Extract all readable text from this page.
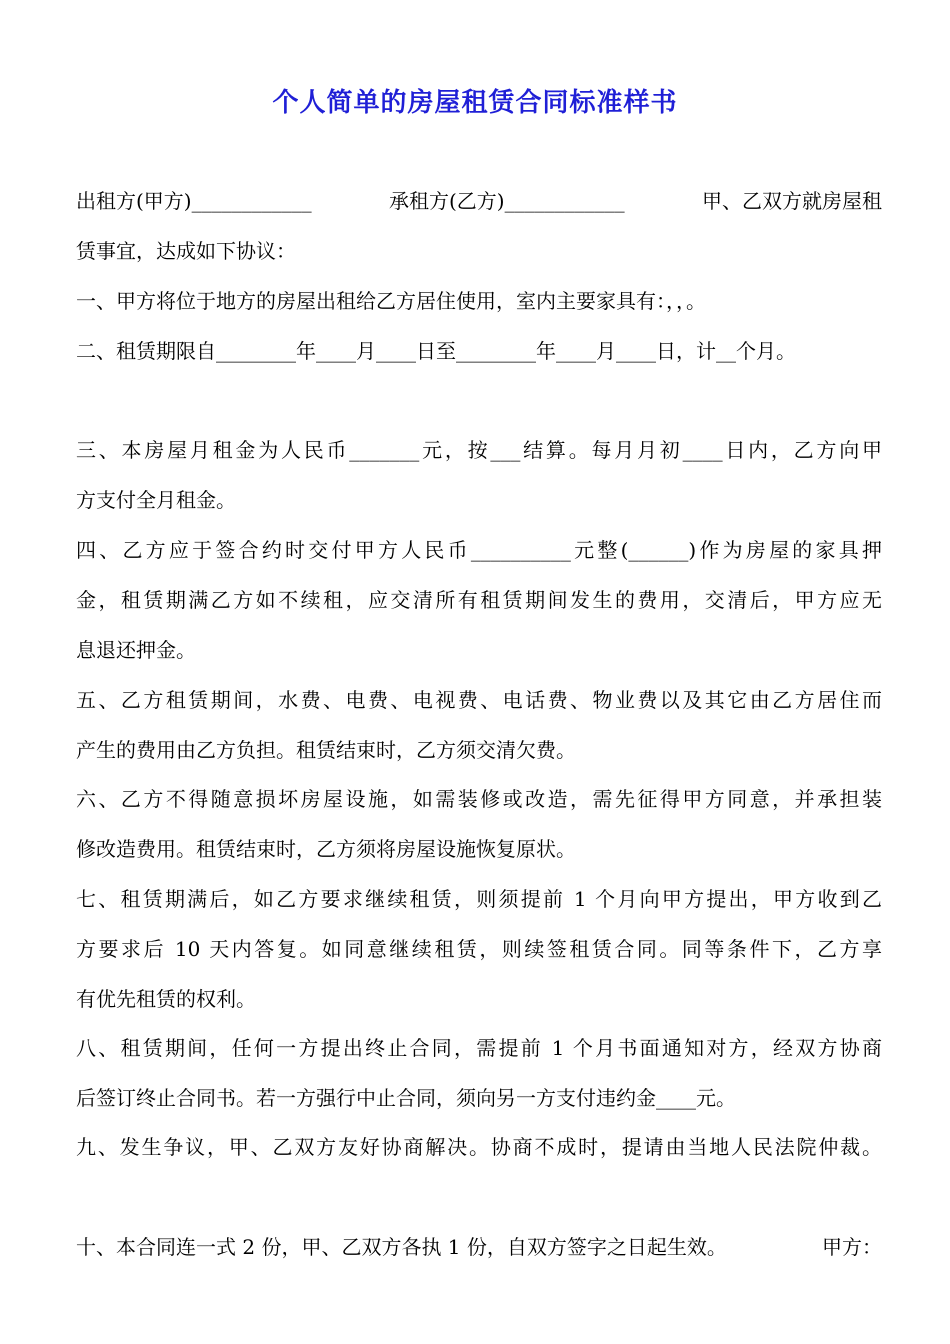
个人简单的房屋租赁合同标准样书
出租方(甲方)____________	承租方(乙方)____________	甲、乙双方就房屋租
赁事宜，达成如下协议：
一、甲方将位于地方的房屋出租给乙方居住使用，室内主要家具有：，，。
二、租赁期限自________年____月____日至________年____月____日，计__个月。
三、本房屋月租金为人民币_______元，按___结算。每月月初____日内，乙方向甲
方支付全月租金。
四、乙方应于签合约时交付甲方人民币__________元整(______)作为房屋的家具押
金，租赁期满乙方如不续租，应交清所有租赁期间发生的费用，交清后，甲方应无
息退还押金。
五、乙方租赁期间，水费、电费、电视费、电话费、物业费以及其它由乙方居住而
产生的费用由乙方负担。租赁结束时，乙方须交清欠费。
六、乙方不得随意损坏房屋设施，如需装修或改造，需先征得甲方同意，并承担装
修改造费用。租赁结束时，乙方须将房屋设施恢复原状。
七、租赁期满后，如乙方要求继续租赁，则须提前 1 个月向甲方提出，甲方收到乙
方要求后 10 天内答复。如同意继续租赁，则续签租赁合同。同等条件下，乙方享
有优先租赁的权利。
八、租赁期间，任何一方提出终止合同，需提前 1 个月书面通知对方，经双方协商
后签订终止合同书。若一方强行中止合同，须向另一方支付违约金____元。
九、发生争议，甲、乙双方友好协商解决。协商不成时，提请由当地人民法院仲裁。
十、本合同连一式 2 份，甲、乙双方各执 1 份，自双方签字之日起生效。	甲方：
